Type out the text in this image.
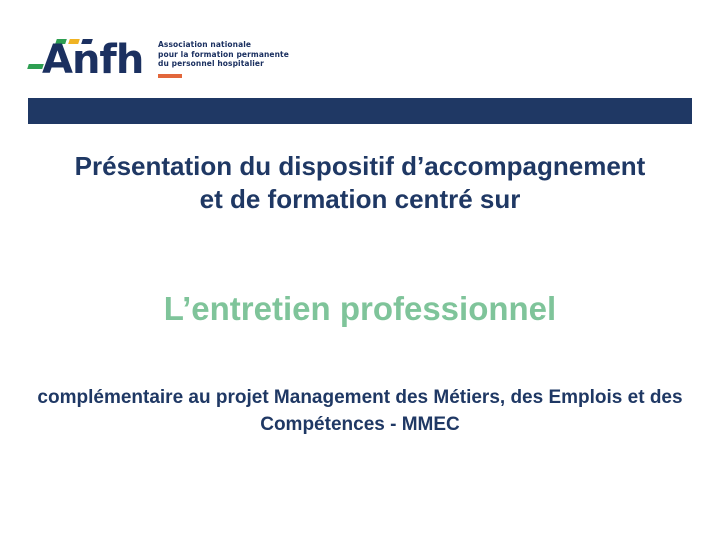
Anfh Association nationale
pour la formation permanente
du personnel hospitalier
Présentation du dispositif d’accompagnement et de formation centré sur
L’entretien professionnel
complémentaire au projet Management des Métiers, des Emplois et des Compétences - MMEC
